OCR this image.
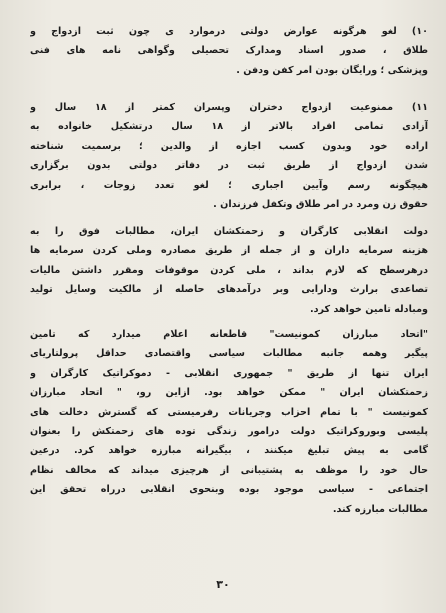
۱۰) لغو هرگونه عوارض دولتی درموارد ی چون ثبت ازدواج و
طلاق ، صدور اسناد ومدارک تحصیلی وگواهی نامه های فنی
وپزشکی ؛ ورایگان بودن امر کفن ودفن .
۱۱) ممنوعیت ازدواج دختران وپسران کمتر از ۱۸ سال و
آزادی تمامی افراد بالاتر از ۱۸ سال درتشکیل خانواده به
اراده خود وبدون کسب اجازه از والدین ؛ برسمیت شناخته
شدن ازدواج از طریق ثبت در دفاتر دولتی بدون برگزاری
هیچگونه رسم وآیین اجباری ؛ لغو تعدد زوجات ، برابری
حقوق زن ومرد در امر طلاق وتکفل فرزندان .
دولت انقلابی کارگران و زحمتکشان ایران، مطالبات فوق را به
هزینه سرمایه داران و از جمله از طریق مصادره وملی کردن سرمایه ها
درهرسطح که لازم بداند ، ملی کردن موقوفات ومقرر داشتن مالیات
تصاعدی برارث ودارایی وبر درآمدهای حاصله از مالکیت وسایل تولید
ومبادله تامین خواهد کرد.
"اتحاد مبارزان کمونیست" قاطعانه اعلام میدارد که تامین
پیگیر وهمه جانبه مطالبات سیاسی واقتصادی حداقل پرولتاریای
ایران تنها از طریق " جمهوری انقلابی - دموکراتیک کارگران و
زحمتکشان ایران " ممکن خواهد بود. ازاین رو، " اتحاد مبارزان
کمونیست " با تمام احزاب وجریانات رفرمیستی که گسترش دخالت های
پلیسی وبوروکراتیک دولت درامور زندگی توده های زحمتکش را بعنوان
گامی به پیش تبلیغ میکنند ، بیگیرانه مبارزه خواهد کرد. درعین
حال خود را موظف به پشتیبانی از هرچیزی میداند که مخالف نظام
اجتماعی - سیاسی موجود بوده وبنحوی انقلابی درراه تحقق این
مطالبات مبارزه کند.
۳۰
